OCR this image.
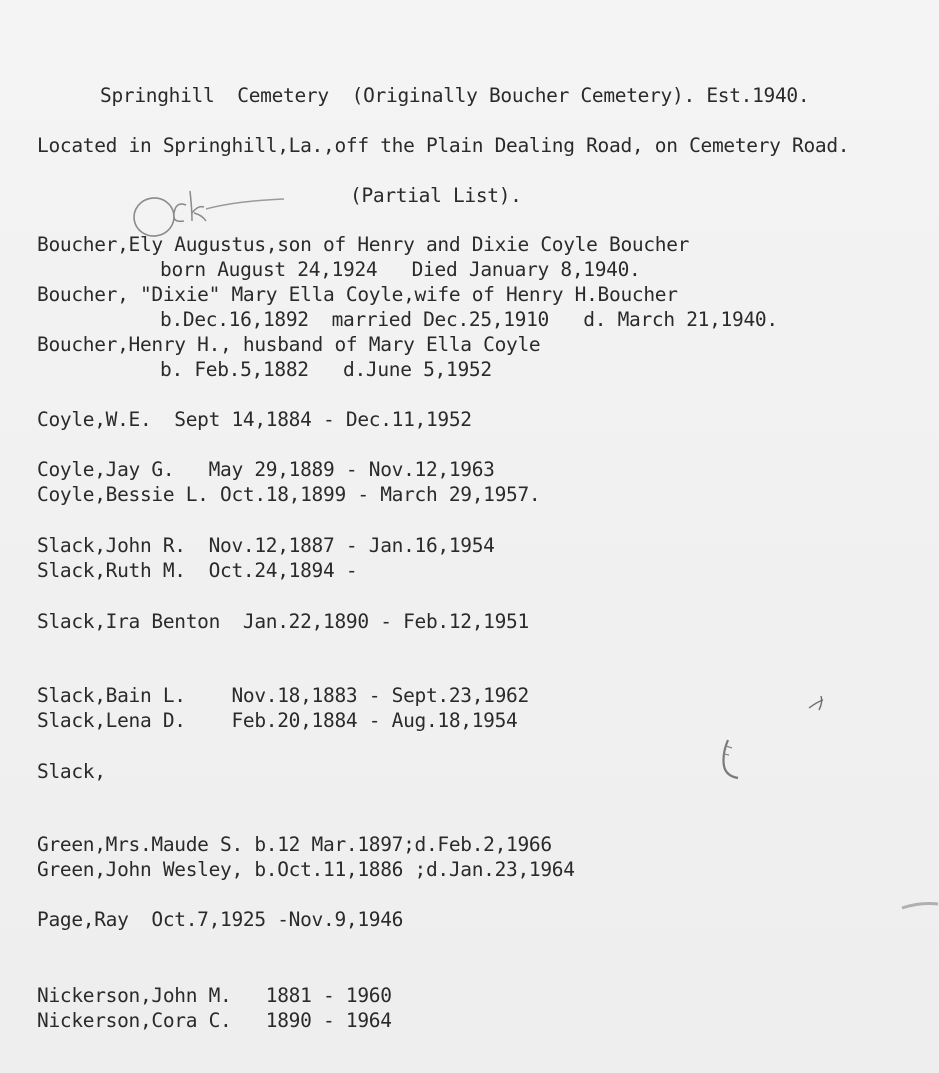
Springhill  Cemetery  (Originally Boucher Cemetery). Est.1940.
Located in Springhill,La.,off the Plain Dealing Road, on Cemetery Road.
(Partial List).
Boucher,Ely Augustus,son of Henry and Dixie Coyle Boucher
born August 24,1924   Died January 8,1940.
Boucher, "Dixie" Mary Ella Coyle,wife of Henry H.Boucher
b.Dec.16,1892  married Dec.25,1910   d. March 21,1940.
Boucher,Henry H., husband of Mary Ella Coyle
b. Feb.5,1882   d.June 5,1952
Coyle,W.E.  Sept 14,1884 - Dec.11,1952
Coyle,Jay G.   May 29,1889 - Nov.12,1963
Coyle,Bessie L. Oct.18,1899 - March 29,1957.
Slack,John R.  Nov.12,1887 - Jan.16,1954
Slack,Ruth M.  Oct.24,1894 -
Slack,Ira Benton  Jan.22,1890 - Feb.12,1951
Slack,Bain L.    Nov.18,1883 - Sept.23,1962
Slack,Lena D.    Feb.20,1884 - Aug.18,1954
Slack,
Green,Mrs.Maude S. b.12 Mar.1897;d.Feb.2,1966
Green,John Wesley, b.Oct.11,1886 ;d.Jan.23,1964
Page,Ray  Oct.7,1925 -Nov.9,1946
Nickerson,John M.   1881 - 1960
Nickerson,Cora C.   1890 - 1964
